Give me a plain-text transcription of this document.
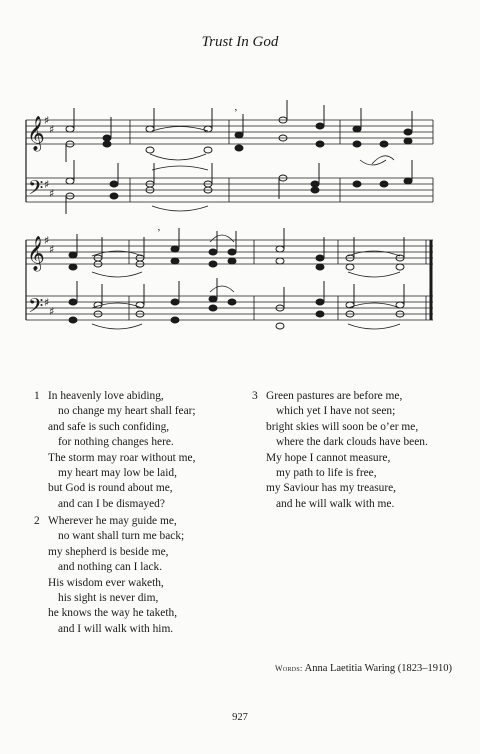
Trust In God
𝄞
𝄢
♯
♯
♯
♯
’
𝄞
𝄢
♯
♯
♯
♯
’
1 In heavenly love abiding,
no change my heart shall fear;
and safe is such confiding,
for nothing changes here.
The storm may roar without me,
my heart may low be laid,
but God is round about me,
and can I be dismayed?
2 Wherever he may guide me,
no want shall turn me back;
my shepherd is beside me,
and nothing can I lack.
His wisdom ever waketh,
his sight is never dim,
he knows the way he taketh,
and I will walk with him.
3 Green pastures are before me,
which yet I have not seen;
bright skies will soon be o’er me,
where the dark clouds have been.
My hope I cannot measure,
my path to life is free,
my Saviour has my treasure,
and he will walk with me.
Words: Anna Laetitia Waring (1823–1910)
927
